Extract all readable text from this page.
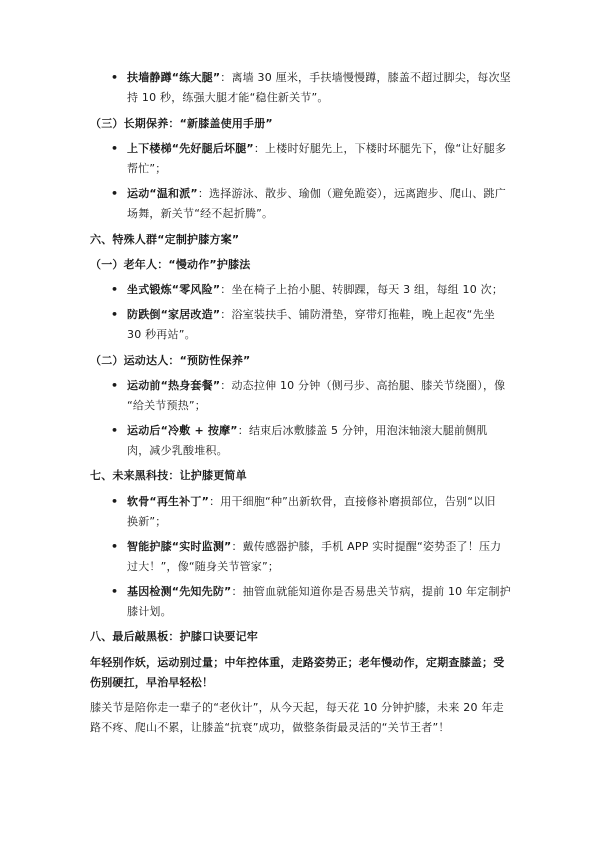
• 扶墙静蹲“练大腿”：离墙 30 厘米，手扶墙慢慢蹲，膝盖不超过脚尖，每次坚
持 10 秒，练强大腿才能“稳住新关节”。
（三）长期保养：“新膝盖使用手册”
• 上下楼梯“先好腿后坏腿”：上楼时好腿先上，下楼时坏腿先下，像“让好腿多
帮忙”；
• 运动“温和派”：选择游泳、散步、瑜伽（避免跪姿），远离跑步、爬山、跳广
场舞，新关节“经不起折腾”。
六、特殊人群“定制护膝方案”
（一）老年人：“慢动作”护膝法
• 坐式锻炼“零风险”：坐在椅子上抬小腿、转脚踝，每天 3 组，每组 10 次；
• 防跌倒“家居改造”：浴室装扶手、铺防滑垫，穿带灯拖鞋，晚上起夜“先坐
30 秒再站”。
（二）运动达人：“预防性保养”
• 运动前“热身套餐”：动态拉伸 10 分钟（侧弓步、高抬腿、膝关节绕圈），像
“给关节预热”；
• 运动后“冷敷 + 按摩”：结束后冰敷膝盖 5 分钟，用泡沫轴滚大腿前侧肌
肉，减少乳酸堆积。
七、未来黑科技：让护膝更简单
• 软骨“再生补丁”：用干细胞“种”出新软骨，直接修补磨损部位，告别“以旧
换新”；
• 智能护膝“实时监测”：戴传感器护膝，手机 APP 实时提醒“姿势歪了！压力
过大！”，像“随身关节管家”；
• 基因检测“先知先防”：抽管血就能知道你是否易患关节病，提前 10 年定制护
膝计划。
八、最后敲黑板：护膝口诀要记牢
年轻别作妖，运动别过量；中年控体重，走路姿势正；老年慢动作，定期查膝盖；受
伤别硬扛，早治早轻松！
膝关节是陪你走一辈子的“老伙计”，从今天起，每天花 10 分钟护膝，未来 20 年走
路不疼、爬山不累，让膝盖“抗衰”成功，做整条街最灵活的“关节王者”！
